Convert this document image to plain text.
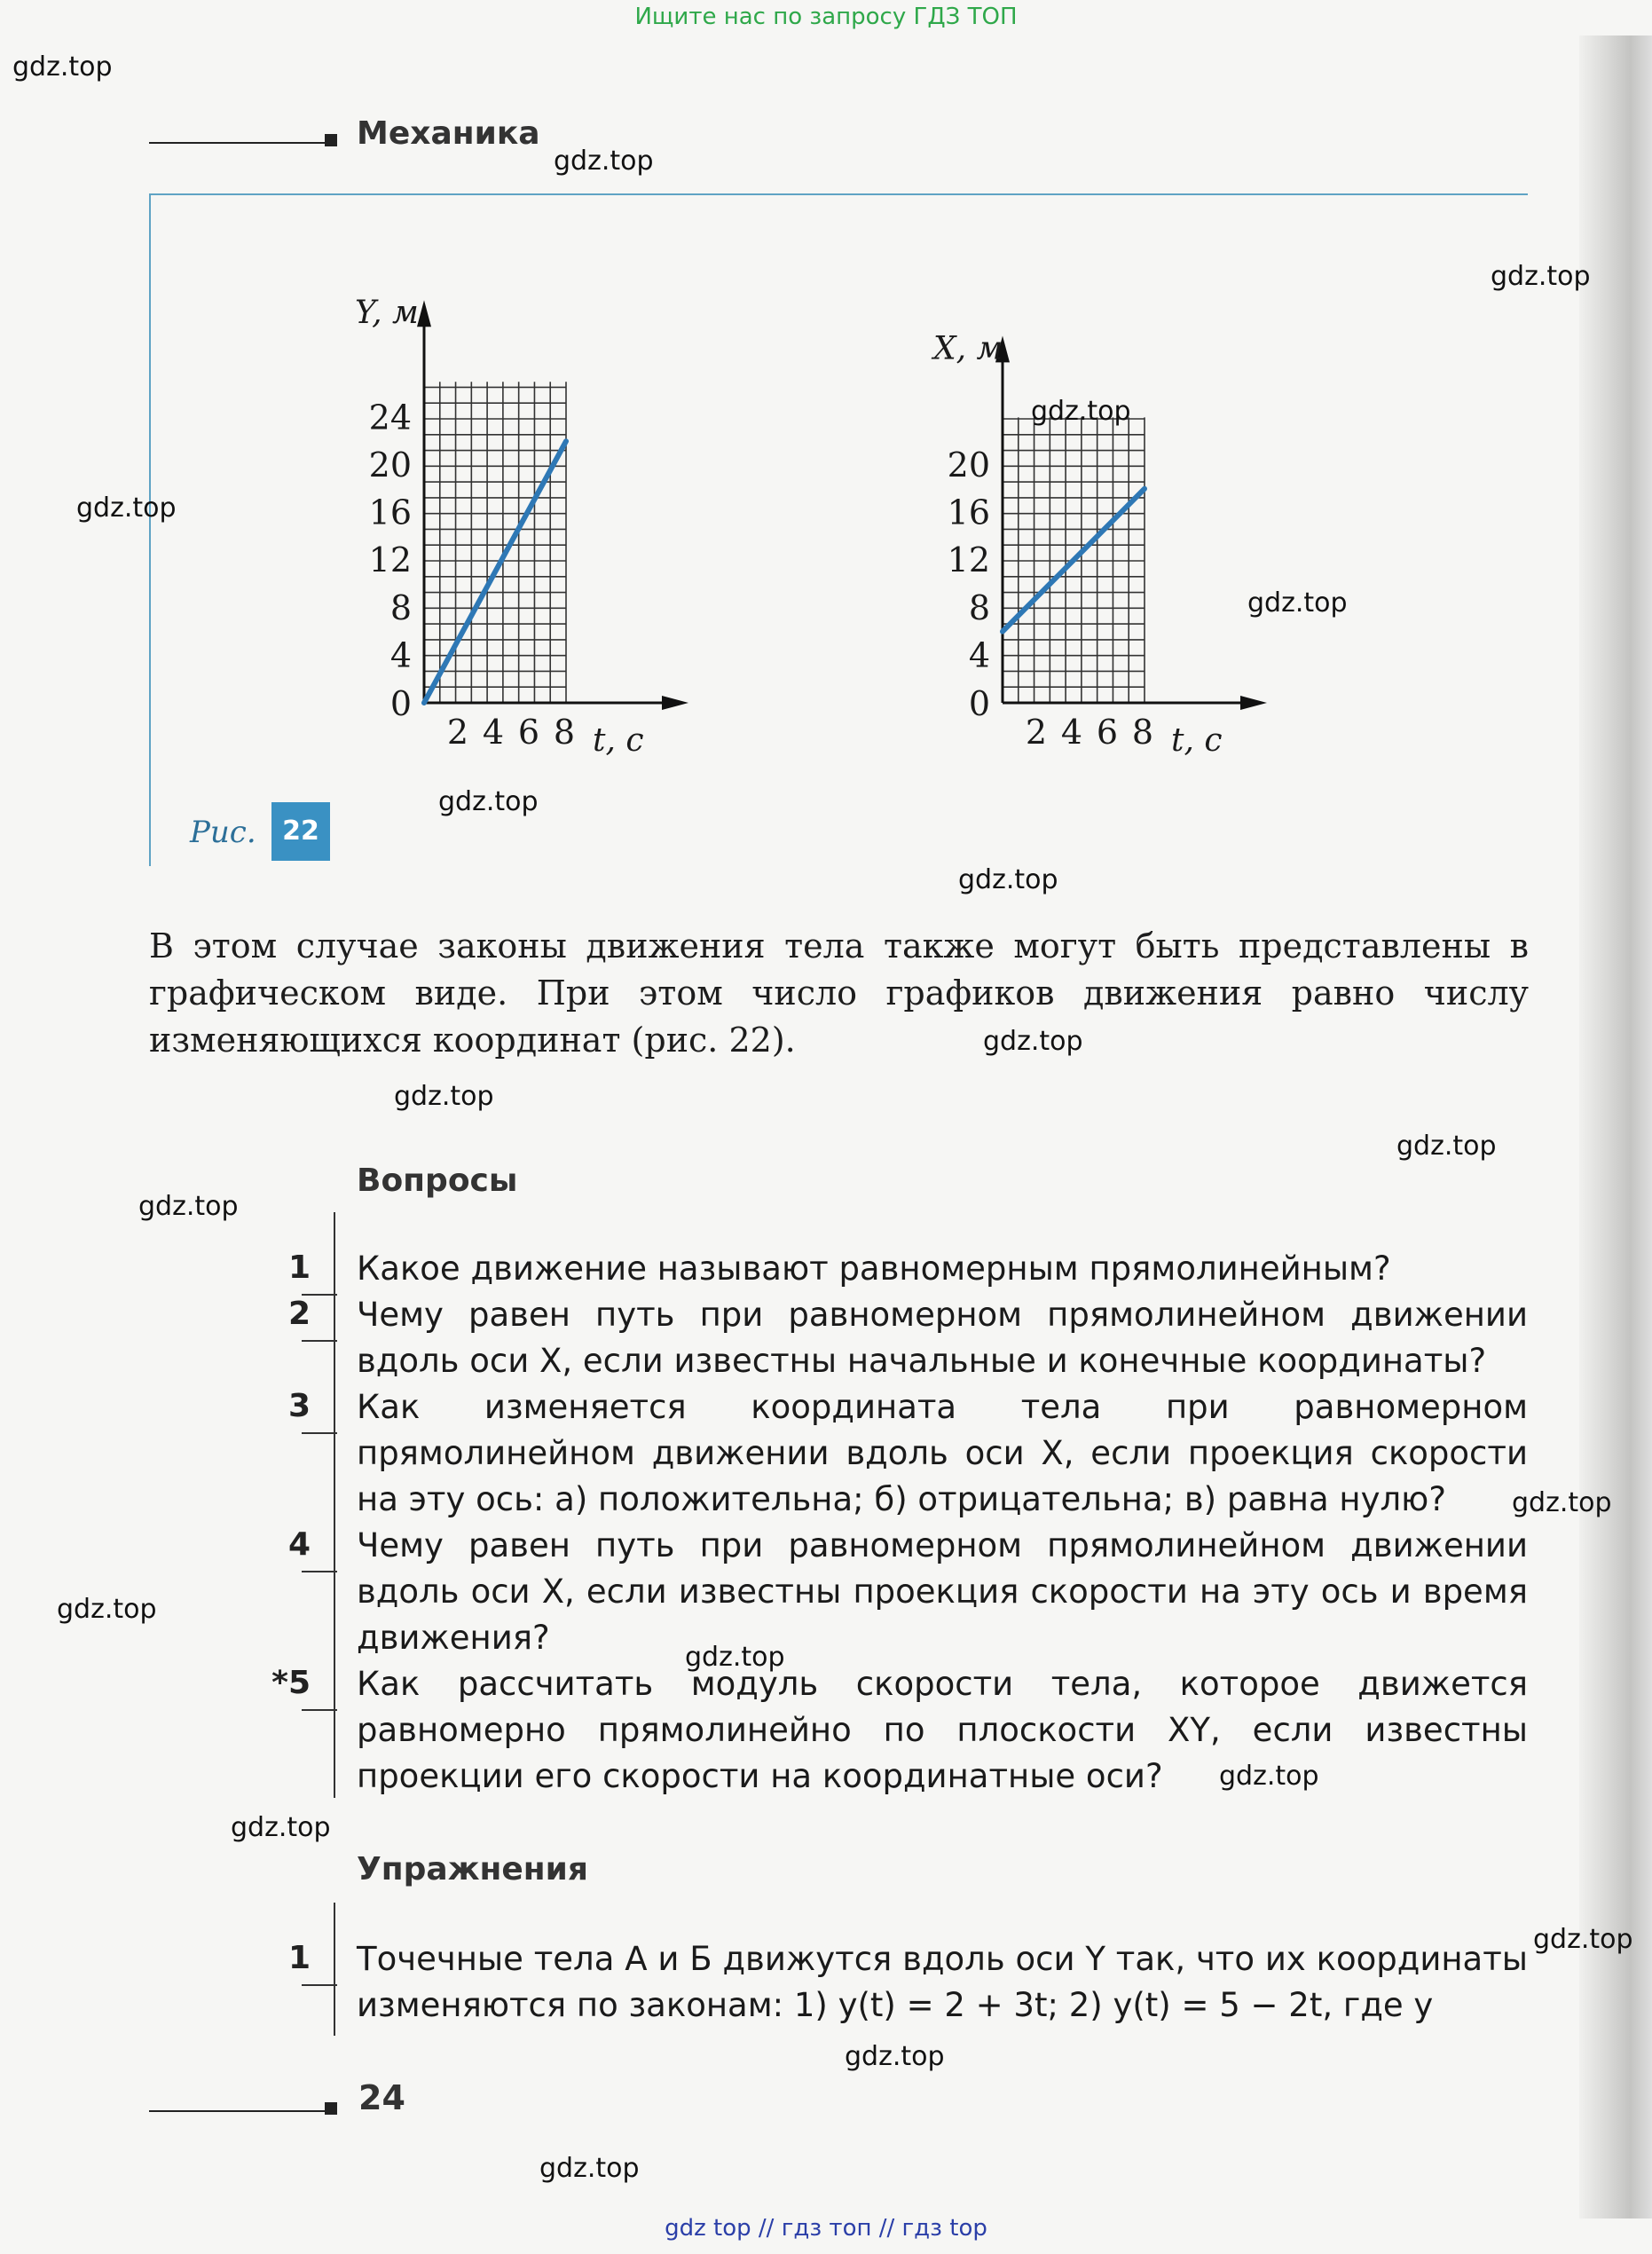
Ищите нас по запросу ГДЗ ТОП
Механика
24
20
16
12
8
4
0
2 4 6 8
Y, м
t, с
20
16
12
8
4
0
2 4 6 8
X, м
t, с
Рис. 22
В этом случае законы движения тела также могут быть представлены в графическом виде. При этом число графиков движения равно числу изменяющихся координат (рис. 22).
Вопросы
1 Какое движение называют равномерным прямолинейным?
2 Чему равен путь при равномерном прямолинейном движении вдоль оси X, если известны начальные и конечные координаты?
3 Как изменяется координата тела при равномерном прямолинейном движении вдоль оси X, если проекция скорости на эту ось: а) положительна; б) отрицательна; в) равна нулю?
4 Чему равен путь при равномерном прямолинейном движении вдоль оси X, если известны проекция скорости на эту ось и время движения?
*5 Как рассчитать модуль скорости тела, которое движется равномерно прямолинейно по плоскости XY, если известны проекции его скорости на координатные оси?
Упражнения
1 Точечные тела А и Б движутся вдоль оси Y так, что их координаты изменяются по законам: 1) y(t) = 2 + 3t; 2) y(t) = 5 − 2t, где y
24
gdz.top
gdz.top
gdz.top
gdz.top
gdz.top
gdz.top
gdz.top
gdz.top
gdz.top
gdz.top
gdz.top
gdz.top
gdz.top
gdz.top
gdz.top
gdz.top
gdz.top
gdz.top
gdz.top
gdz.top
gdz top // гдз топ // гдз top
